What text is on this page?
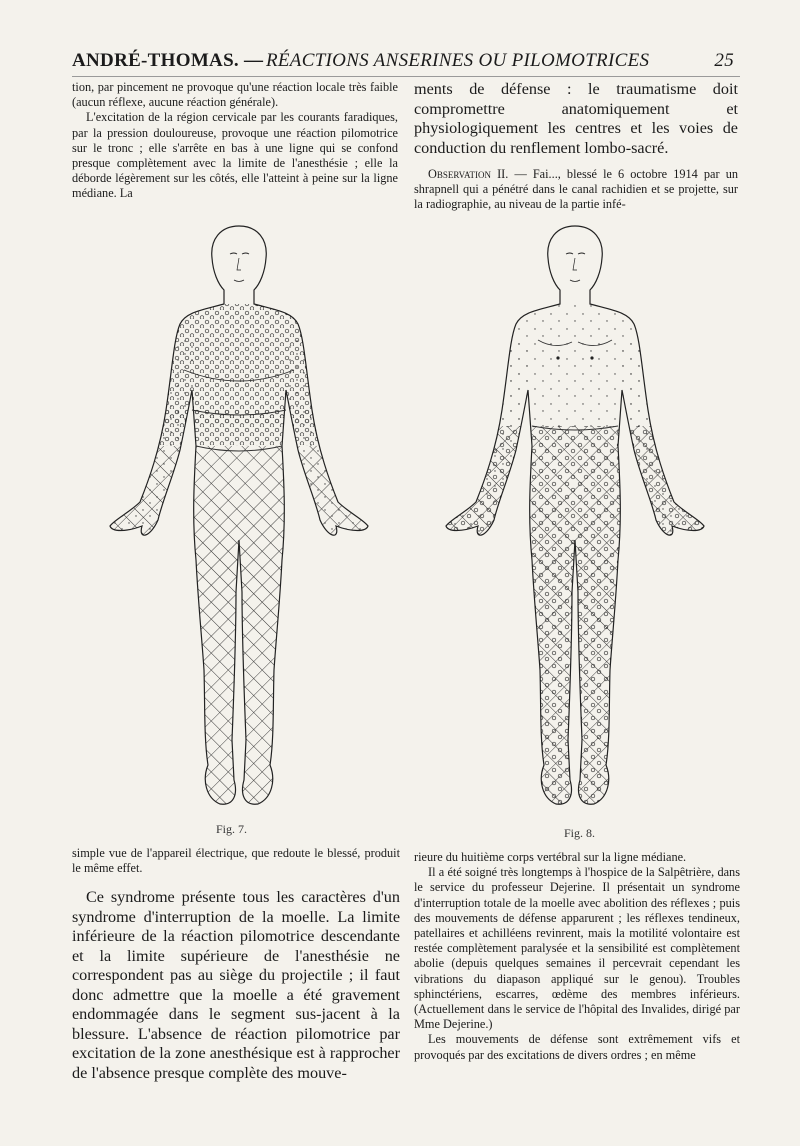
ANDRÉ-THOMAS. — RÉACTIONS ANSERINES OU PILOMOTRICES	25

tion, par pincement ne provoque qu'une réaction locale très faible (aucun réflexe, aucune réaction générale).

L'excitation de la région cervicale par les courants faradiques, par la pression douloureuse, provoque une réaction pilomotrice sur le tronc ; elle s'arrête en bas à une ligne qui se confond presque complètement avec la limite de l'anesthésie ; elle la déborde légèrement sur les côtés, elle l'atteint à peine sur la ligne médiane. La

ments de défense : le traumatisme doit compromettre anatomiquement et physiologiquement les centres et les voies de conduction du renflement lombo-sacré.

Observation II. — Fai..., blessé le 6 octobre 1914 par un shrapnell qui a pénétré dans le canal rachidien et se projette, sur la radiographie, au niveau de la partie infé-

Fig. 7.	Fig. 8.

simple vue de l'appareil électrique, que redoute le blessé, produit le même effet.

Ce syndrome présente tous les caractères d'un syndrome d'interruption de la moelle. La limite inférieure de la réaction pilomotrice descendante et la limite supérieure de l'anesthésie ne correspondent pas au siège du projectile ; il faut donc admettre que la moelle a été gravement endommagée dans le segment sus-jacent à la blessure. L'absence de réaction pilomotrice par excitation de la zone anesthésique est à rapprocher de l'absence presque complète des mouve-

rieure du huitième corps vertébral sur la ligne médiane.

Il a été soigné très longtemps à l'hospice de la Salpêtrière, dans le service du professeur Dejerine. Il présentait un syndrome d'interruption totale de la moelle avec abolition des réflexes ; puis des mouvements de défense apparurent ; les réflexes tendineux, patellaires et achilléens revinrent, mais la motilité volontaire est restée complètement paralysée et la sensibilité est complètement abolie (depuis quelques semaines il percevrait cependant les vibrations du diapason appliqué sur le genou). Troubles sphinctériens, escarres, œdème des membres inférieurs. (Actuellement dans le service de l'hôpital des Invalides, dirigé par Mme Dejerine.)

Les mouvements de défense sont extrêmement vifs et provoqués par des excitations de divers ordres ; en même
